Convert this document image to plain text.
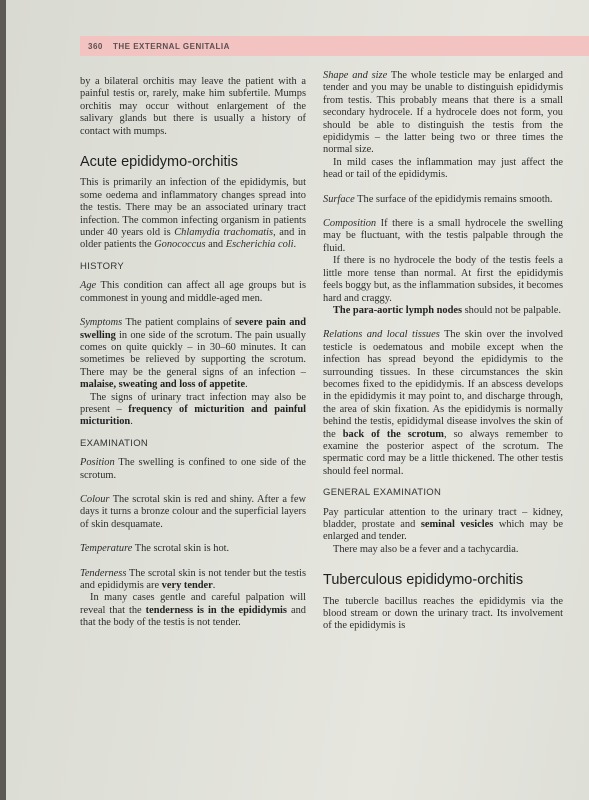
360 THE EXTERNAL GENITALIA

by a bilateral orchitis may leave the patient with a painful testis or, rarely, make him subfertile. Mumps orchitis may occur without enlargement of the salivary glands but there is usually a history of contact with mumps.

Acute epididymo-orchitis

This is primarily an infection of the epididymis, but some oedema and inflammatory changes spread into the testis. There may be an associated urinary tract infection. The common infecting organism in patients under 40 years old is Chlamydia trachomatis, and in older patients the Gonococcus and Escherichia coli.

HISTORY

Age This condition can affect all age groups but is commonest in young and middle-aged men.

Symptoms The patient complains of severe pain and swelling in one side of the scrotum. The pain usually comes on quite quickly – in 30–60 minutes. It can sometimes be relieved by supporting the scrotum. There may be the general signs of an infection – malaise, sweating and loss of appetite.

The signs of urinary tract infection may also be present – frequency of micturition and painful micturition.

EXAMINATION

Position The swelling is confined to one side of the scrotum.

Colour The scrotal skin is red and shiny. After a few days it turns a bronze colour and the superficial layers of skin desquamate.

Temperature The scrotal skin is hot.

Tenderness The scrotal skin is not tender but the testis and epididymis are very tender.

In many cases gentle and careful palpation will reveal that the tenderness is in the epididymis and that the body of the testis is not tender.

Shape and size The whole testicle may be enlarged and tender and you may be unable to distinguish epididymis from testis. This probably means that there is a small secondary hydrocele. If a hydrocele does not form, you should be able to distinguish the testis from the epididymis – the latter being two or three times the normal size.

In mild cases the inflammation may just affect the head or tail of the epididymis.

Surface The surface of the epididymis remains smooth.

Composition If there is a small hydrocele the swelling may be fluctuant, with the testis palpable through the fluid.

If there is no hydrocele the body of the testis feels a little more tense than normal. At first the epididymis feels boggy but, as the inflammation subsides, it becomes hard and craggy.

The para-aortic lymph nodes should not be palpable.

Relations and local tissues The skin over the involved testicle is oedematous and mobile except when the infection has spread beyond the epididymis to the surrounding tissues. In these circumstances the skin becomes fixed to the epididymis. If an abscess develops in the epididymis it may point to, and discharge through, the area of skin fixation. As the epididymis is normally behind the testis, epididymal disease involves the skin of the back of the scrotum, so always remember to examine the posterior aspect of the scrotum. The spermatic cord may be a little thickened. The other testis should feel normal.

GENERAL EXAMINATION

Pay particular attention to the urinary tract – kidney, bladder, prostate and seminal vesicles which may be enlarged and tender.

There may also be a fever and a tachycardia.

Tuberculous epididymo-orchitis

The tubercle bacillus reaches the epididymis via the blood stream or down the urinary tract. Its involvement of the epididymis is
